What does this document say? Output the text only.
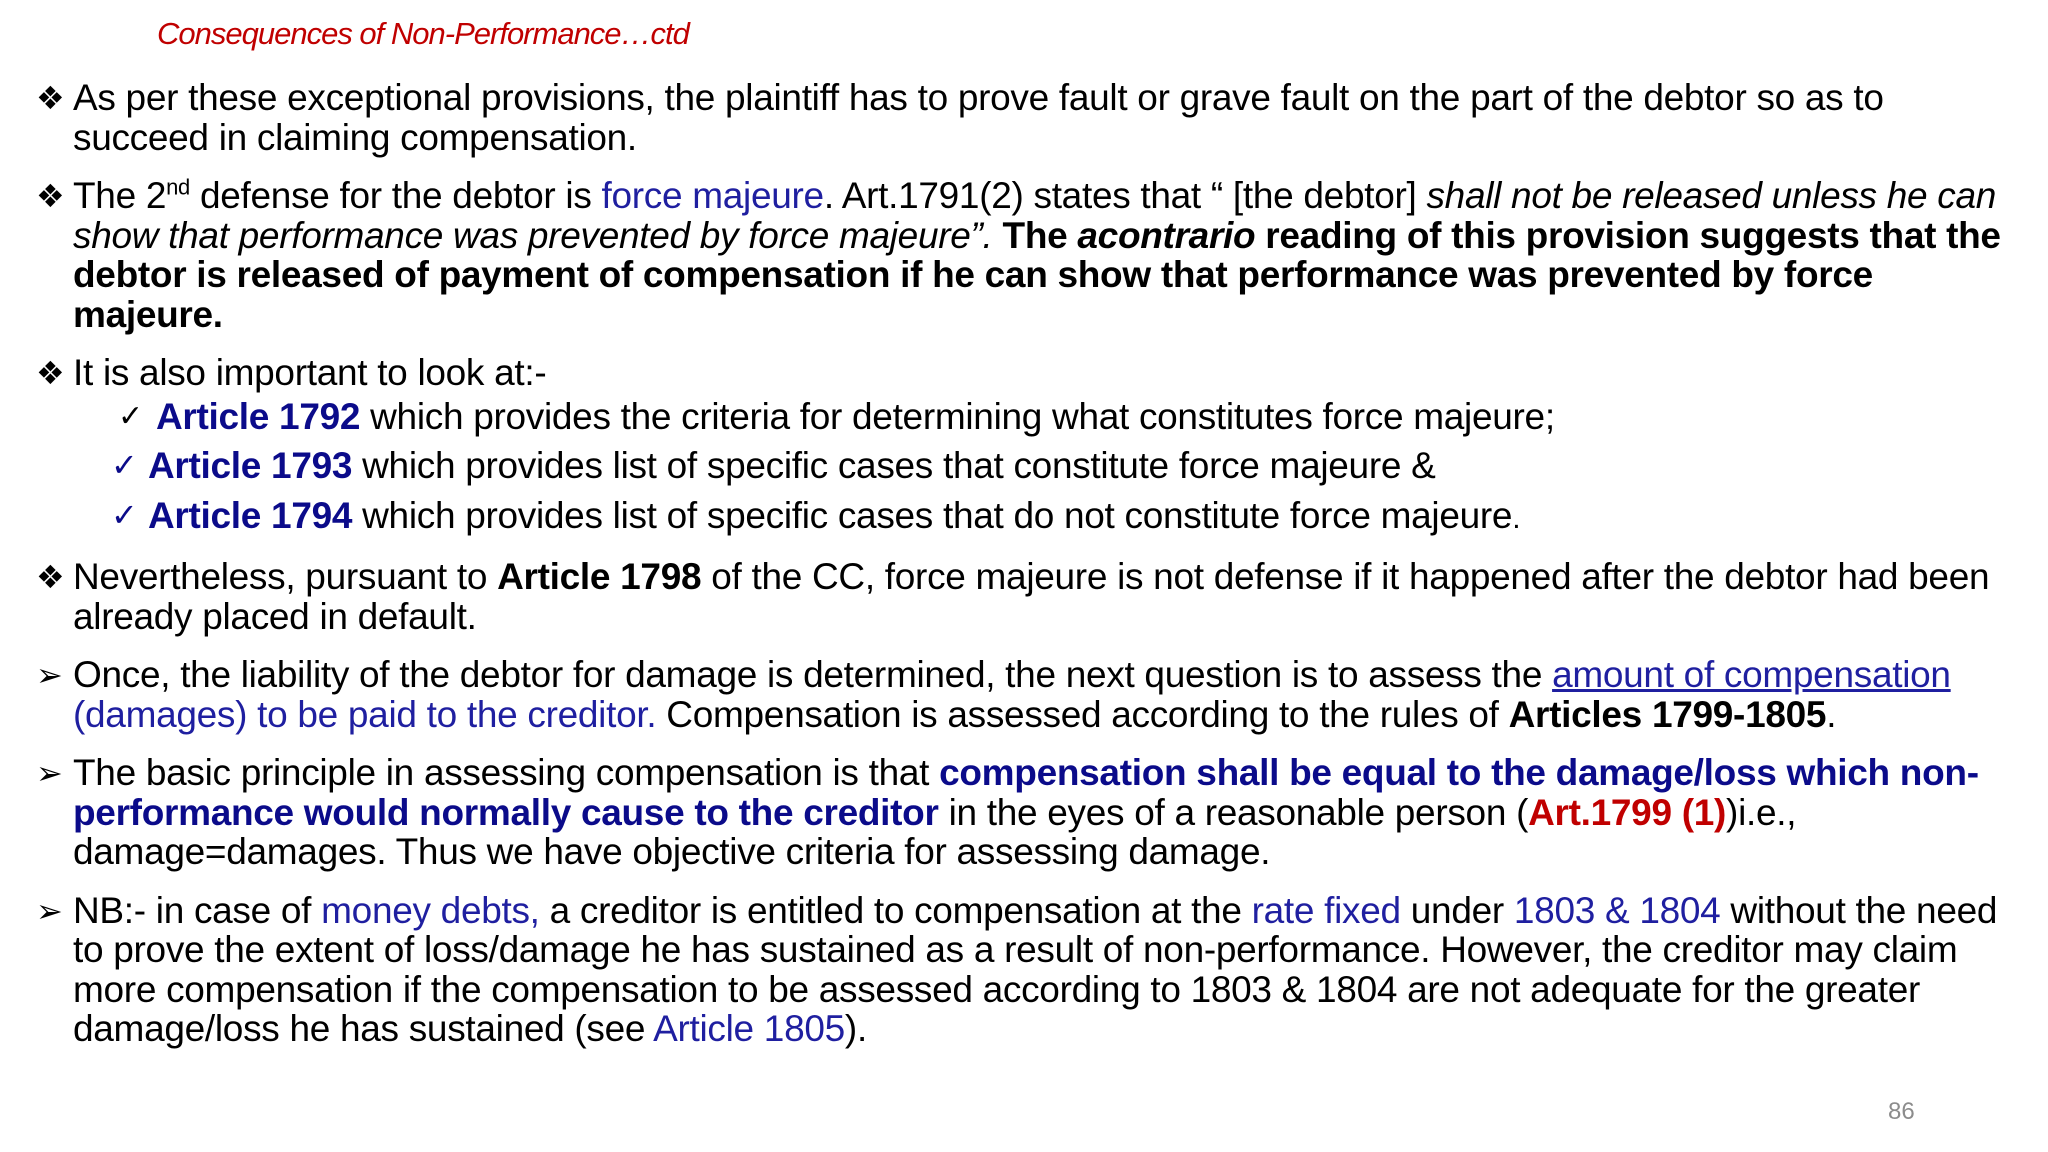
Consequences of Non-Performance…ctd

❖ As per these exceptional provisions, the plaintiff has to prove fault or grave fault on the part of the debtor so as to succeed in claiming compensation.

❖ The 2nd defense for the debtor is force majeure. Art.1791(2) states that “ [the debtor] shall not be released unless he can show that performance was prevented by force majeure”. The acontrario reading of this provision suggests that the debtor is released of payment of compensation if he can show that performance was prevented by force majeure.

❖ It is also important to look at:-
✓ Article 1792 which provides the criteria for determining what constitutes force majeure;
✓ Article 1793 which provides list of specific cases that constitute force majeure &
✓ Article 1794 which provides list of specific cases that do not constitute force majeure.

❖ Nevertheless, pursuant to Article 1798 of the CC, force majeure is not defense if it happened after the debtor had been already placed in default.

➢ Once, the liability of the debtor for damage is determined, the next question is to assess the amount of compensation (damages) to be paid to the creditor. Compensation is assessed according to the rules of Articles 1799-1805.

➢ The basic principle in assessing compensation is that compensation shall be equal to the damage/loss which non-performance would normally cause to the creditor in the eyes of a reasonable person (Art.1799 (1))i.e., damage=damages. Thus we have objective criteria for assessing damage.

➢ NB:- in case of money debts, a creditor is entitled to compensation at the rate fixed under 1803 & 1804 without the need to prove the extent of loss/damage he has sustained as a result of non-performance. However, the creditor may claim more compensation if the compensation to be assessed according to 1803 & 1804 are not adequate for the greater damage/loss he has sustained (see Article 1805).

86
